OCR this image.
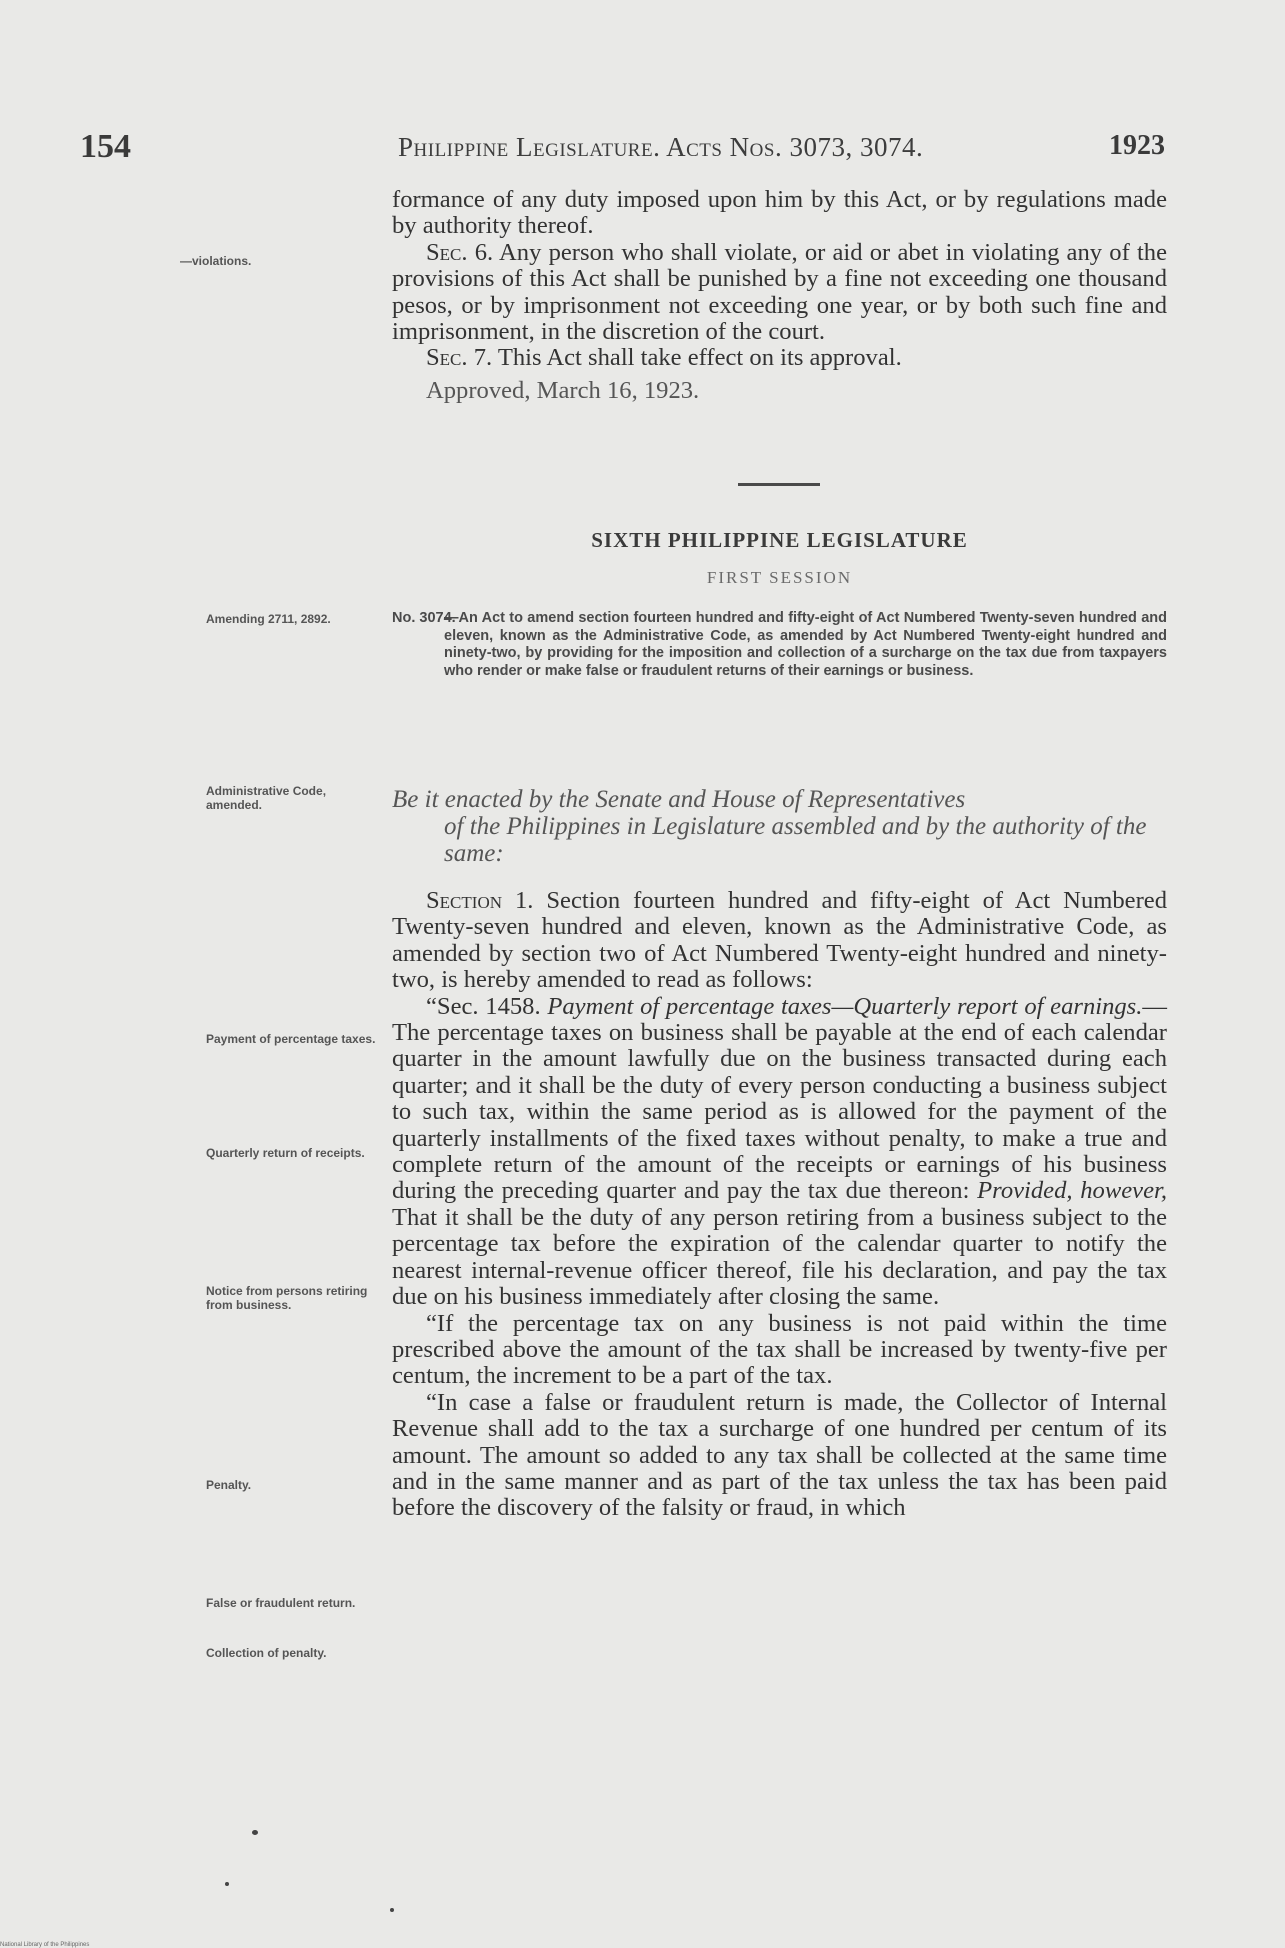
154	Philippine Legislature. Acts Nos. 3073, 3074.	1923

formance of any duty imposed upon him by this Act, or by regulations made by authority thereof.

Sec. 6. Any person who shall violate, or aid or abet in violating any of the provisions of this Act shall be punished by a fine not exceeding one thousand pesos, or by imprisonment not exceeding one year, or by both such fine and imprisonment, in the discretion of the court.

Sec. 7. This Act shall take effect on its approval.

Approved, March 16, 1923.

—violations.
SIXTH PHILIPPINE LEGISLATURE
FIRST SESSION
Amending 2711, 2892.	No. 3074.
—An Act to amend section fourteen hundred and fifty-eight of Act Numbered Twenty-seven hundred and eleven, known as the Administrative Code, as amended by Act Numbered Twenty-eight hundred and ninety-two, by providing for the imposition and collection of a surcharge on the tax due from taxpayers who render or make false or fraudulent returns of their earnings or business.
Administrative Code, amended.	Be it enacted by the Senate and House of Representatives
of the Philippines in Legislature assembled and by the authority of the same:

Section 1. Section fourteen hundred and fifty-eight of Act Numbered Twenty-seven hundred and eleven, known as the Administrative Code, as amended by section two of Act Numbered Twenty-eight hundred and ninety-two, is hereby amended to read as follows:

“Sec. 1458. Payment of percentage taxes—Quarterly report of earnings.—The percentage taxes on business shall be payable at the end of each calendar quarter in the amount lawfully due on the business transacted during each quarter; and it shall be the duty of every person conducting a business subject to such tax, within the same period as is allowed for the payment of the quarterly installments of the fixed taxes without penalty, to make a true and complete return of the amount of the receipts or earnings of his business during the preceding quarter and pay the tax due thereon: Provided, however, That it shall be the duty of any person retiring from a business subject to the percentage tax before the expiration of the calendar quarter to notify the nearest internal-revenue officer thereof, file his declaration, and pay the tax due on his business immediately after closing the same.

“If the percentage tax on any business is not paid within the time prescribed above the amount of the tax shall be increased by twenty-five per centum, the increment to be a part of the tax.

“In case a false or fraudulent return is made, the Collector of Internal Revenue shall add to the tax a surcharge of one hundred per centum of its amount. The amount so added to any tax shall be collected at the same time and in the same manner and as part of the tax unless the tax has been paid before the discovery of the falsity or fraud, in which

Payment of percentage taxes.
Quarterly return of receipts.
Notice from persons retiring from business.
Penalty.
False or fraudulent return.
Collection of penalty.
National Library of the Philippines
